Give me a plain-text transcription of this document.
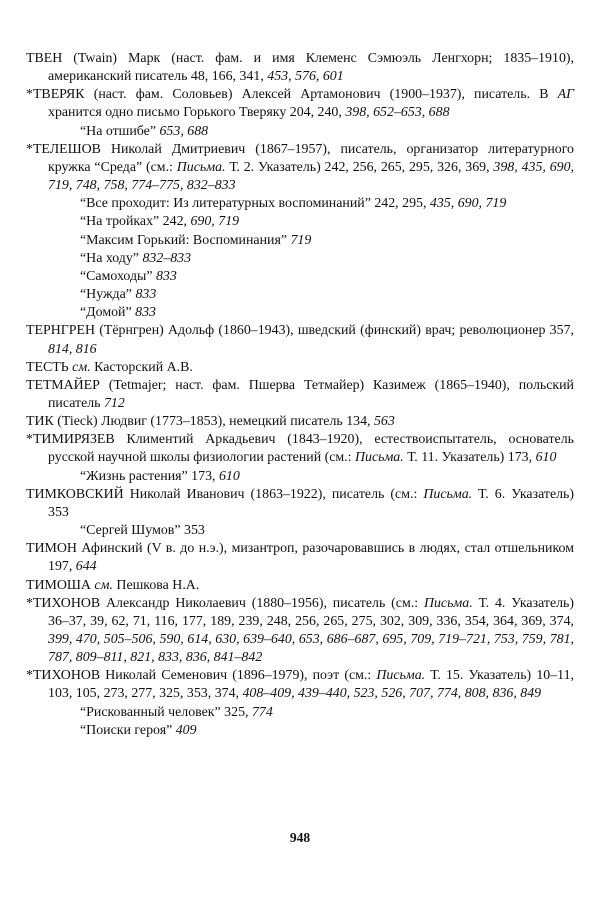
ТВЕН (Twain) Марк (наст. фам. и имя Клеменс Сэмюэль Ленгхорн; 1835–1910), американский писатель 48, 166, 341, 453, 576, 601

*ТВЕРЯК (наст. фам. Соловьев) Алексей Артамонович (1900–1937), писатель. В АГ хранится одно письмо Горького Тверяку 204, 240, 398, 652–653, 688

“На отшибе” 653, 688

*ТЕЛЕШОВ Николай Дмитриевич (1867–1957), писатель, организатор литературного кружка “Среда” (см.: Письма. Т. 2. Указатель) 242, 256, 265, 295, 326, 369, 398, 435, 690, 719, 748, 758, 774–775, 832–833

“Все проходит: Из литературных воспоминаний” 242, 295, 435, 690, 719

“На тройках” 242, 690, 719

“Максим Горький: Воспоминания” 719

“На ходу” 832–833

“Самоходы” 833

“Нужда” 833

“Домой” 833

ТЕРНГРЕН (Тёрнгрен) Адольф (1860–1943), шведский (финский) врач; революционер 357, 814, 816

ТЕСТЬ см. Касторский А.В.

ТЕТМАЙЕР (Tetmajer; наст. фам. Пшерва Тетмайер) Казимеж (1865–1940), польский писатель 712

ТИК (Tieck) Людвиг (1773–1853), немецкий писатель 134, 563

*ТИМИРЯЗЕВ Климентий Аркадьевич (1843–1920), естествоиспытатель, основатель русской научной школы физиологии растений (см.: Письма. Т. 11. Указатель) 173, 610

“Жизнь растения” 173, 610

ТИМКОВСКИЙ Николай Иванович (1863–1922), писатель (см.: Письма. Т. 6. Указатель) 353

“Сергей Шумов” 353

ТИМОН Афинский (V в. до н.э.), мизантроп, разочаровавшись в людях, стал отшельником 197, 644

ТИМОША см. Пешкова Н.А.

*ТИХОНОВ Александр Николаевич (1880–1956), писатель (см.: Письма. Т. 4. Указатель) 36–37, 39, 62, 71, 116, 177, 189, 239, 248, 256, 265, 275, 302, 309, 336, 354, 364, 369, 374, 399, 470, 505–506, 590, 614, 630, 639–640, 653, 686–687, 695, 709, 719–721, 753, 759, 781, 787, 809–811, 821, 833, 836, 841–842

*ТИХОНОВ Николай Семенович (1896–1979), поэт (см.: Письма. Т. 15. Указатель) 10–11, 103, 105, 273, 277, 325, 353, 374, 408–409, 439–440, 523, 526, 707, 774, 808, 836, 849

“Рискованный человек” 325, 774

“Поиски героя” 409

948
